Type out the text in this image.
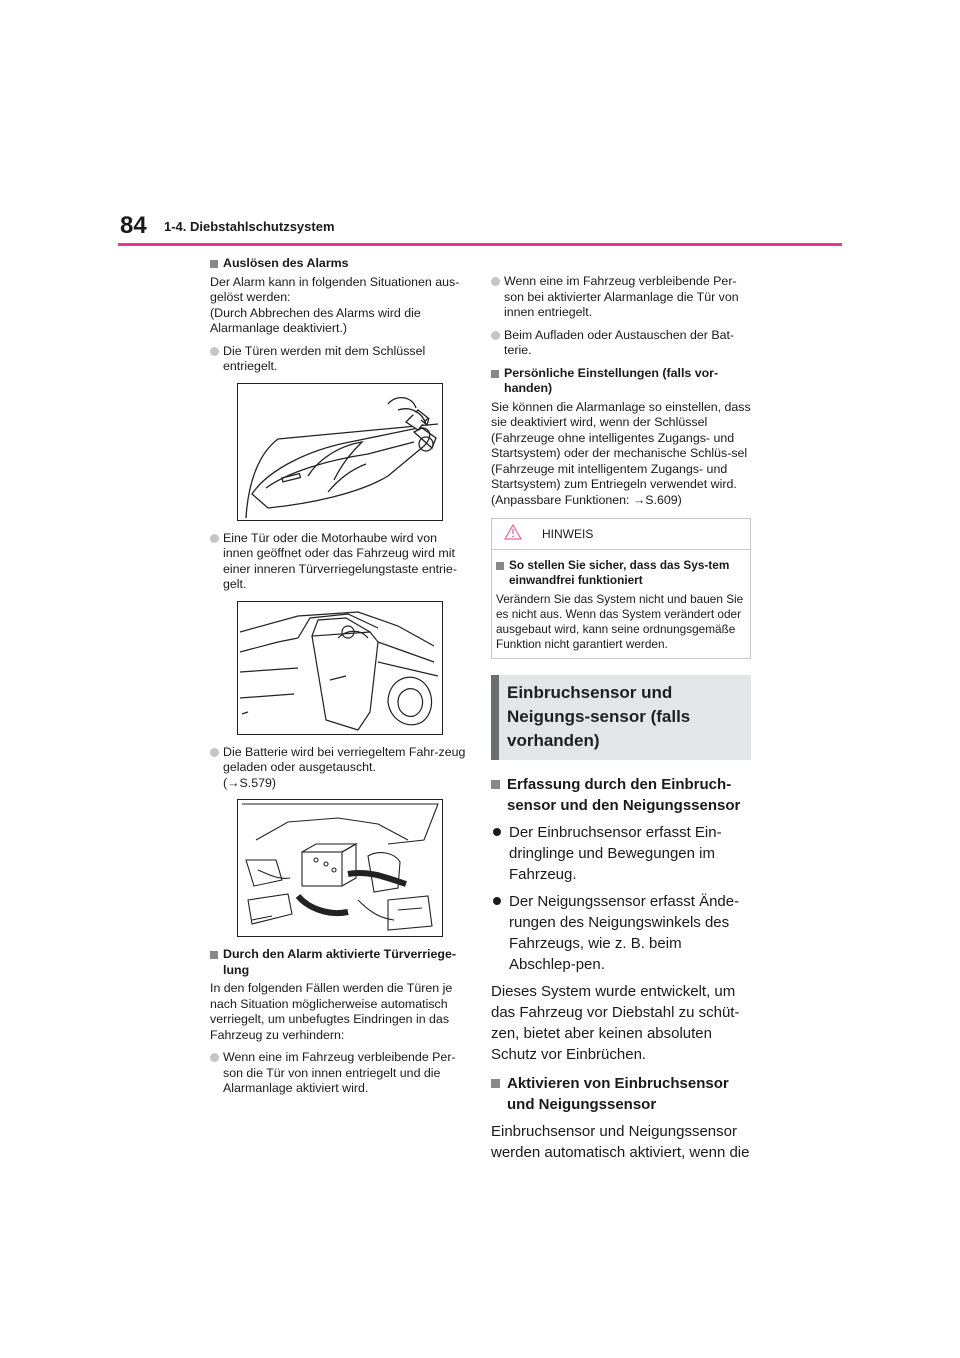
84 1-4. Diebstahlschutzsystem
Auslösen des Alarms
Der Alarm kann in folgenden Situationen aus-gelöst werden:
(Durch Abbrechen des Alarms wird die Alarmanlage deaktiviert.)
Die Türen werden mit dem Schlüssel entriegelt.
Eine Tür oder die Motorhaube wird von innen geöffnet oder das Fahrzeug wird mit einer inneren Türverriegelungstaste entrie-gelt.
Die Batterie wird bei verriegeltem Fahr-zeug geladen oder ausgetauscht.
(→S.579)
Durch den Alarm aktivierte Türverriege-lung
In den folgenden Fällen werden die Türen je nach Situation möglicherweise automatisch verriegelt, um unbefugtes Eindringen in das Fahrzeug zu verhindern:
Wenn eine im Fahrzeug verbleibende Per-son die Tür von innen entriegelt und die Alarmanlage aktiviert wird.
Wenn eine im Fahrzeug verbleibende Per-son bei aktivierter Alarmanlage die Tür von innen entriegelt.
Beim Aufladen oder Austauschen der Bat-terie.
Persönliche Einstellungen (falls vor-handen)
Sie können die Alarmanlage so einstellen, dass sie deaktiviert wird, wenn der Schlüssel (Fahrzeuge ohne intelligentes Zugangs- und Startsystem) oder der mechanische Schlüs-sel (Fahrzeuge mit intelligentem Zugangs- und Startsystem) zum Entriegeln verwendet wird.
(Anpassbare Funktionen: →S.609)
HINWEIS
So stellen Sie sicher, dass das Sys-tem einwandfrei funktioniert
Verändern Sie das System nicht und bauen Sie es nicht aus. Wenn das System verändert oder ausgebaut wird, kann seine ordnungsgemäße Funktion nicht garantiert werden.
Einbruchsensor und Neigungs-sensor (falls vorhanden)
Erfassung durch den Einbruch-sensor und den Neigungssensor
Der Einbruchsensor erfasst Ein-dringlinge und Bewegungen im Fahrzeug.
Der Neigungssensor erfasst Ände-rungen des Neigungswinkels des Fahrzeugs, wie z. B. beim Abschlep-pen.
Dieses System wurde entwickelt, um das Fahrzeug vor Diebstahl zu schüt-zen, bietet aber keinen absoluten Schutz vor Einbrüchen.
Aktivieren von Einbruchsensor und Neigungssensor
Einbruchsensor und Neigungssensor werden automatisch aktiviert, wenn die
